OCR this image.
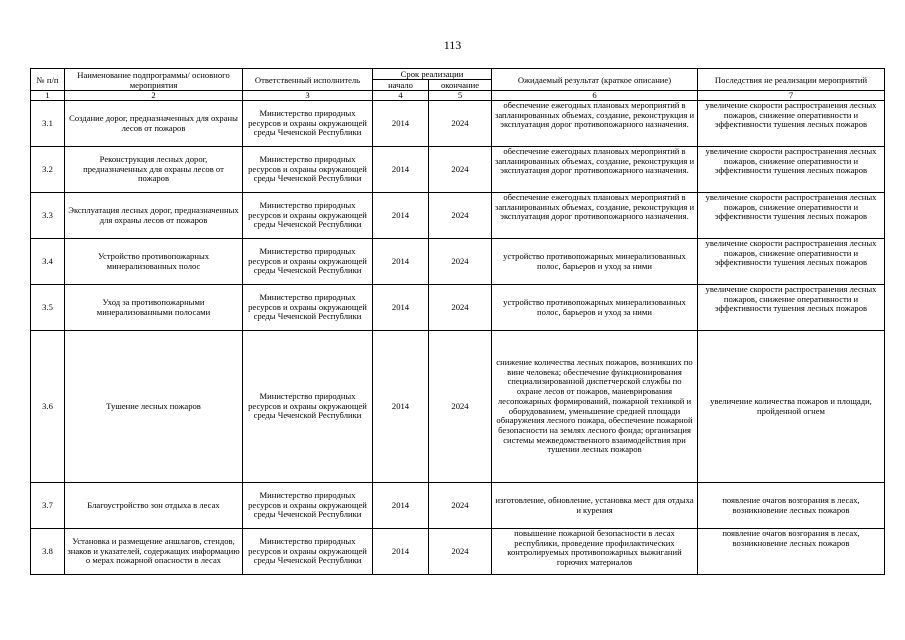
113
№ п/п	Наименование подпрограммы/ основного мероприятия	Ответственный исполнитель	Срок реализации		Ожидаемый результат (краткое описание)	Последствия не реализации мероприятий
			начало	окончание		
1	2	3	4	5	6	7
3.1	Создание дорог, предназначенных для охраны лесов от пожаров	Министерство природных ресурсов и охраны окружающей среды Чеченской Республики	2014	2024	обеспечение ежегодных плановых мероприятий в запланированных объемах, создание, реконструкция и эксплуатация дорог противопожарного назначения.	увеличение скорости распространения лесных пожаров, снижение оперативности и эффективности тушения лесных пожаров
3.2	Реконструкция лесных дорог, предназначенных для охраны лесов от пожаров	Министерство природных ресурсов и охраны окружающей среды Чеченской Республики	2014	2024	обеспечение ежегодных плановых мероприятий в запланированных объемах, создание, реконструкция и эксплуатация дорог противопожарного назначения.	увеличение скорости распространения лесных пожаров, снижение оперативности и эффективности тушения лесных пожаров
3.3	Эксплуатация лесных дорог, предназначенных для охраны лесов от пожаров	Министерство природных ресурсов и охраны окружающей среды Чеченской Республики	2014	2024	обеспечение ежегодных плановых мероприятий в запланированных объемах, создание, реконструкция и эксплуатация дорог противопожарного назначения.	увеличение скорости распространения лесных пожаров, снижение оперативности и эффективности тушения лесных пожаров
3.4	Устройство противопожарных минерализованных полос	Министерство природных ресурсов и охраны окружающей среды Чеченской Республики	2014	2024	устройство противопожарных минерализованных полос, барьеров и уход за ними	увеличение скорости распространения лесных пожаров, снижение оперативности и эффективности тушения лесных пожаров
3.5	Уход за противопожарными минерализованными полосами	Министерство природных ресурсов и охраны окружающей среды Чеченской Республики	2014	2024	устройство противопожарных минерализованных полос, барьеров и уход за ними	увеличение скорости распространения лесных пожаров, снижение оперативности и эффективности тушения лесных пожаров
3.6	Тушение лесных пожаров	Министерство природных ресурсов и охраны окружающей среды Чеченской Республики	2014	2024	снижение количества лесных пожаров, возникших по вине человека; обеспечение функционирования специализированной диспетчерской службы по охране лесов от пожаров, маневрирования лесопожарных формирований, пожарной техникой и оборудованием, уменьшение средней площади обнаружения лесного пожара, обеспечение пожарной безопасности на землях лесного фонда; организация системы межведомственного взаимодействия при тушении лесных пожаров	увеличение количества пожаров и площади, пройденной огнем
3.7	Благоустройство зон отдыха в лесах	Министерство природных ресурсов и охраны окружающей среды Чеченской Республики	2014	2024	изготовление, обновление, установка мест для отдыха и курения	появление очагов возгорания в лесах, возникновение лесных пожаров
3.8	Установка и размещение аншлагов, стендов, знаков и указателей, содержащих информацию о мерах пожарной опасности в лесах	Министерство природных ресурсов и охраны окружающей среды Чеченской Республики	2014	2024	повышение пожарной безопасности в лесах республики, проведение профилактических контролируемых противопожарных выжиганий горючих материалов	появление очагов возгорания в лесах, возникновение лесных пожаров
